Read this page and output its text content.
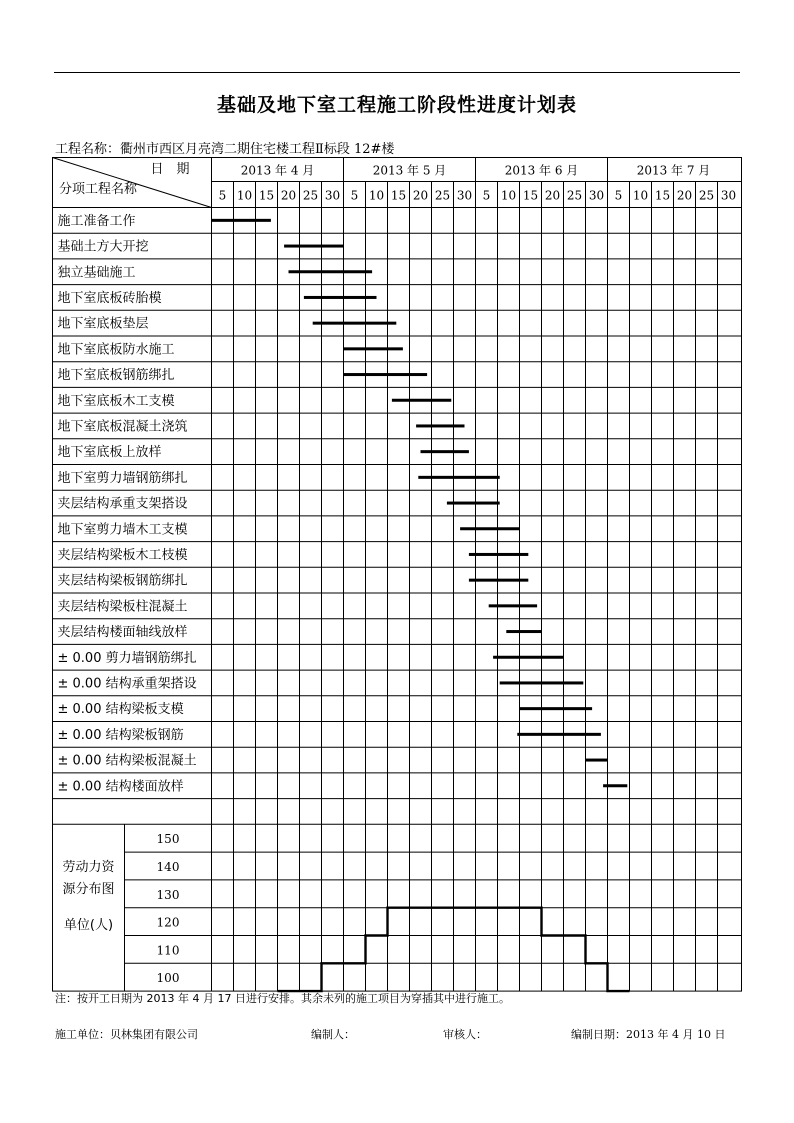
基础及地下室工程施工阶段性进度计划表
工程名称：衢州市西区月亮湾二期住宅楼工程Ⅱ标段 12#楼
日　期
分项工程名称
2013 年 4 月	2013 年 5 月	2013 年 6 月	2013 年 7 月
5 10 15 20 25 30 5 10 15 20 25 30 5 10 15 20 25 30 5 10 15 20 25 30
施工准备工作
基础土方大开挖
独立基础施工
地下室底板砖胎模
地下室底板垫层
地下室底板防水施工
地下室底板钢筋绑扎
地下室底板木工支模
地下室底板混凝土浇筑
地下室底板上放样
地下室剪力墙钢筋绑扎
夹层结构承重支架搭设
地下室剪力墙木工支模
夹层结构梁板木工枝模
夹层结构梁板钢筋绑扎
夹层结构梁板柱混凝土
夹层结构楼面轴线放样
± 0.00 剪力墙钢筋绑扎
± 0.00 结构承重架搭设
± 0.00 结构梁板支模
± 0.00 结构梁板钢筋
± 0.00 结构梁板混凝土
± 0.00 结构楼面放样
劳动力资
源分布图
单位(人)
150
140
130
120
110
100
注：按开工日期为 2013 年 4 月 17 日进行安排。其余未列的施工项目为穿插其中进行施工。
施工单位：贝林集团有限公司	编制人：	审核人：	编制日期：2013 年 4 月 10 日
